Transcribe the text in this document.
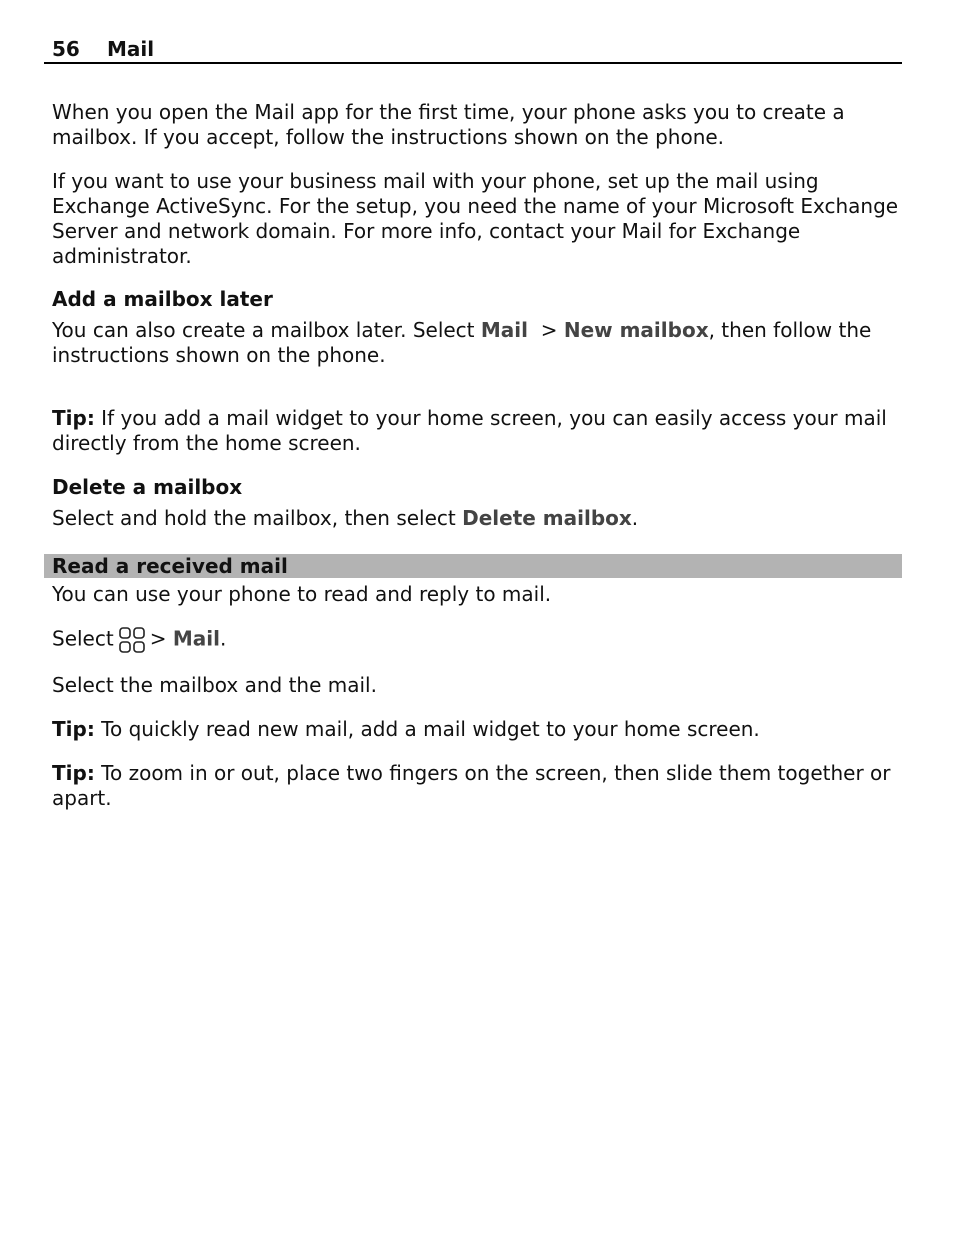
56 Mail

When you open the Mail app for the first time, your phone asks you to create a mailbox. If you accept, follow the instructions shown on the phone.

If you want to use your business mail with your phone, set up the mail using Exchange ActiveSync. For the setup, you need the name of your Microsoft Exchange Server and network domain. For more info, contact your Mail for Exchange administrator.

Add a mailbox later

You can also create a mailbox later. Select Mail  > New mailbox, then follow the instructions shown on the phone.

Tip: If you add a mail widget to your home screen, you can easily access your mail directly from the home screen.

Delete a mailbox

Select and hold the mailbox, then select Delete mailbox.

Read a received mail

You can use your phone to read and reply to mail.

Select > Mail.

Select the mailbox and the mail.

Tip: To quickly read new mail, add a mail widget to your home screen.

Tip: To zoom in or out, place two fingers on the screen, then slide them together or apart.
